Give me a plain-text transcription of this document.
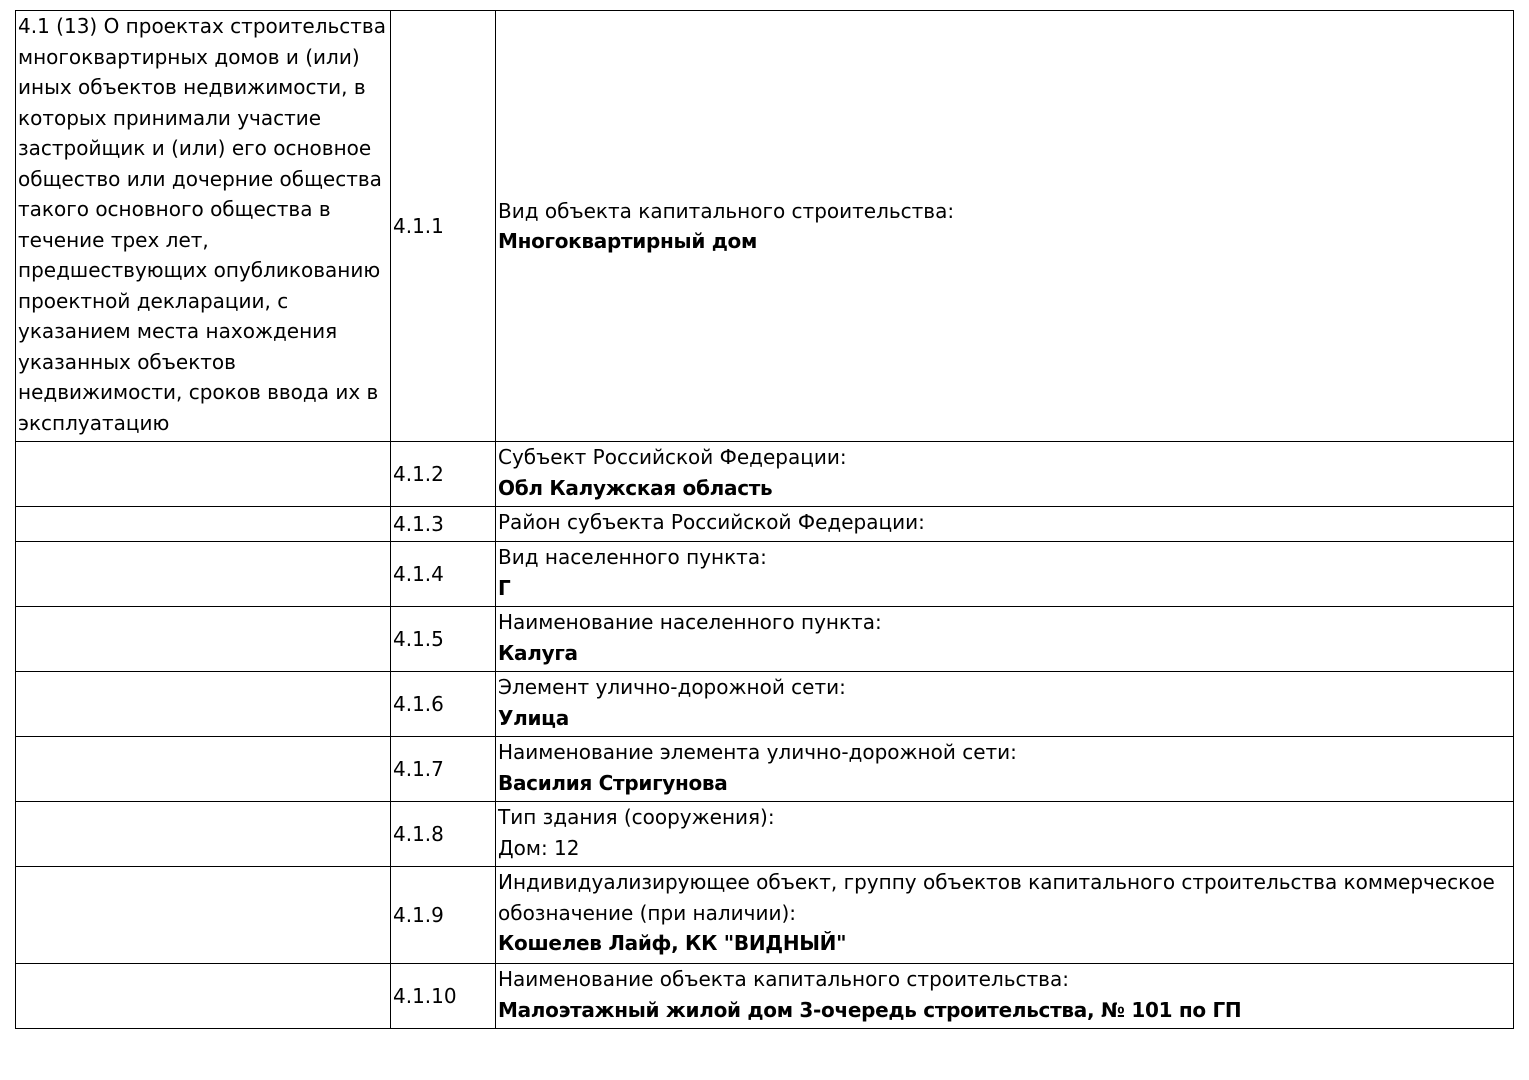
4.1 (13) О проектах строительства многоквартирных домов и (или) иных объектов недвижимости, в которых принимали участие застройщик и (или) его основное общество или дочерние общества такого основного общества в течение трех лет, предшествующих опубликованию проектной декларации, с указанием места нахождения указанных объектов недвижимости, сроков ввода их в эксплуатацию	4.1.1	Вид объекта капитального строительства:
Многоквартирный дом

	4.1.2	Субъект Российской Федерации:
Обл Калужская область

	4.1.3	Район субъекта Российской Федерации:

	4.1.4	Вид населенного пункта:
Г

	4.1.5	Наименование населенного пункта:
Калуга

	4.1.6	Элемент улично-дорожной сети:
Улица

	4.1.7	Наименование элемента улично-дорожной сети:
Василия Стригунова

	4.1.8	Тип здания (сооружения):
Дом: 12

	4.1.9	Индивидуализирующее объект, группу объектов капитального строительства коммерческое обозначение (при наличии):
Кошелев Лайф, КК "ВИДНЫЙ"

	4.1.10	Наименование объекта капитального строительства:
Малоэтажный жилой дом 3-очередь строительства, № 101 по ГП
